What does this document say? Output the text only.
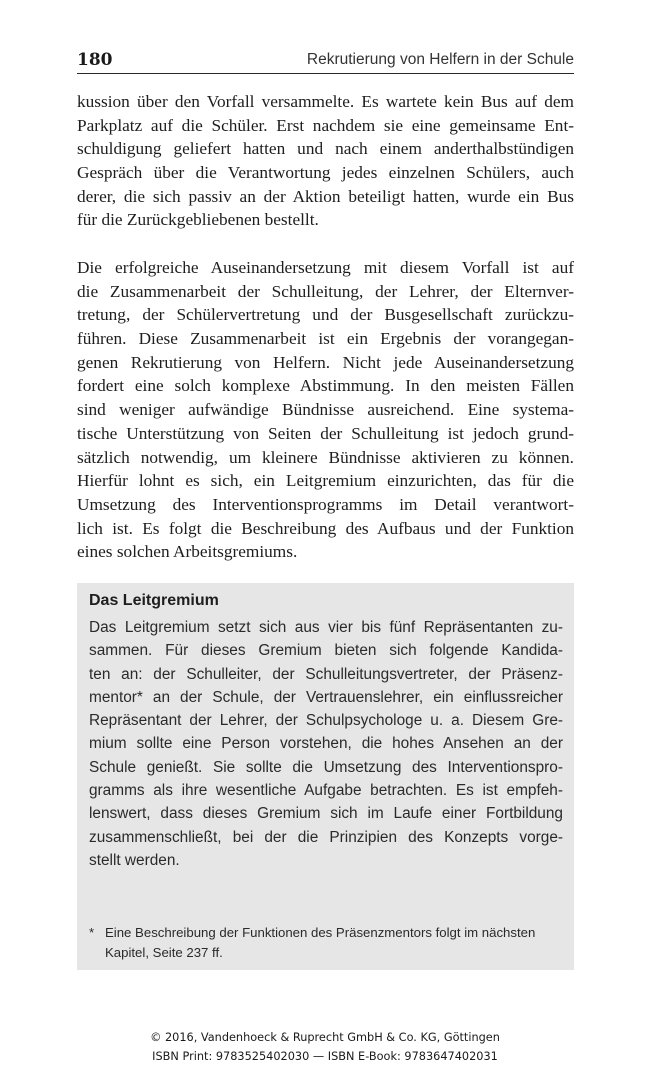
180	Rekrutierung von Helfern in der Schule
kussion über den Vorfall versammelte. Es wartete kein Bus auf dem
Parkplatz auf die Schüler. Erst nachdem sie eine gemeinsame Ent-
schuldigung geliefert hatten und nach einem anderthalbstündigen
Gespräch über die Verantwortung jedes einzelnen Schülers, auch
derer, die sich passiv an der Aktion beteiligt hatten, wurde ein Bus
für die Zurückgebliebenen bestellt.
Die erfolgreiche Auseinandersetzung mit diesem Vorfall ist auf
die Zusammenarbeit der Schulleitung, der Lehrer, der Elternver-
tretung, der Schülervertretung und der Busgesellschaft zurückzu-
führen. Diese Zusammenarbeit ist ein Ergebnis der vorangegan-
genen Rekrutierung von Helfern. Nicht jede Auseinandersetzung
fordert eine solch komplexe Abstimmung. In den meisten Fällen
sind weniger aufwändige Bündnisse ausreichend. Eine systema-
tische Unterstützung von Seiten der Schulleitung ist jedoch grund-
sätzlich notwendig, um kleinere Bündnisse aktivieren zu können.
Hierfür lohnt es sich, ein Leitgremium einzurichten, das für die
Umsetzung des Interventionsprogramms im Detail verantwort-
lich ist. Es folgt die Beschreibung des Aufbaus und der Funktion
eines solchen Arbeitsgremiums.
Das Leitgremium
Das Leitgremium setzt sich aus vier bis fünf Repräsentanten zu-
sammen. Für dieses Gremium bieten sich folgende Kandida-
ten an: der Schulleiter, der Schulleitungsvertreter, der Präsenz-
mentor* an der Schule, der Vertrauenslehrer, ein einflussreicher
Repräsentant der Lehrer, der Schulpsychologe u. a. Diesem Gre-
mium sollte eine Person vorstehen, die hohes Ansehen an der
Schule genießt. Sie sollte die Umsetzung des Interventionspro-
gramms als ihre wesentliche Aufgabe betrachten. Es ist empfeh-
lenswert, dass dieses Gremium sich im Laufe einer Fortbildung
zusammenschließt, bei der die Prinzipien des Konzepts vorge-
stellt werden.
* Eine Beschreibung der Funktionen des Präsenzmentors folgt im nächsten
Kapitel, Seite 237 ff.
© 2016, Vandenhoeck & Ruprecht GmbH & Co. KG, Göttingen
ISBN Print: 9783525402030 — ISBN E-Book: 9783647402031
